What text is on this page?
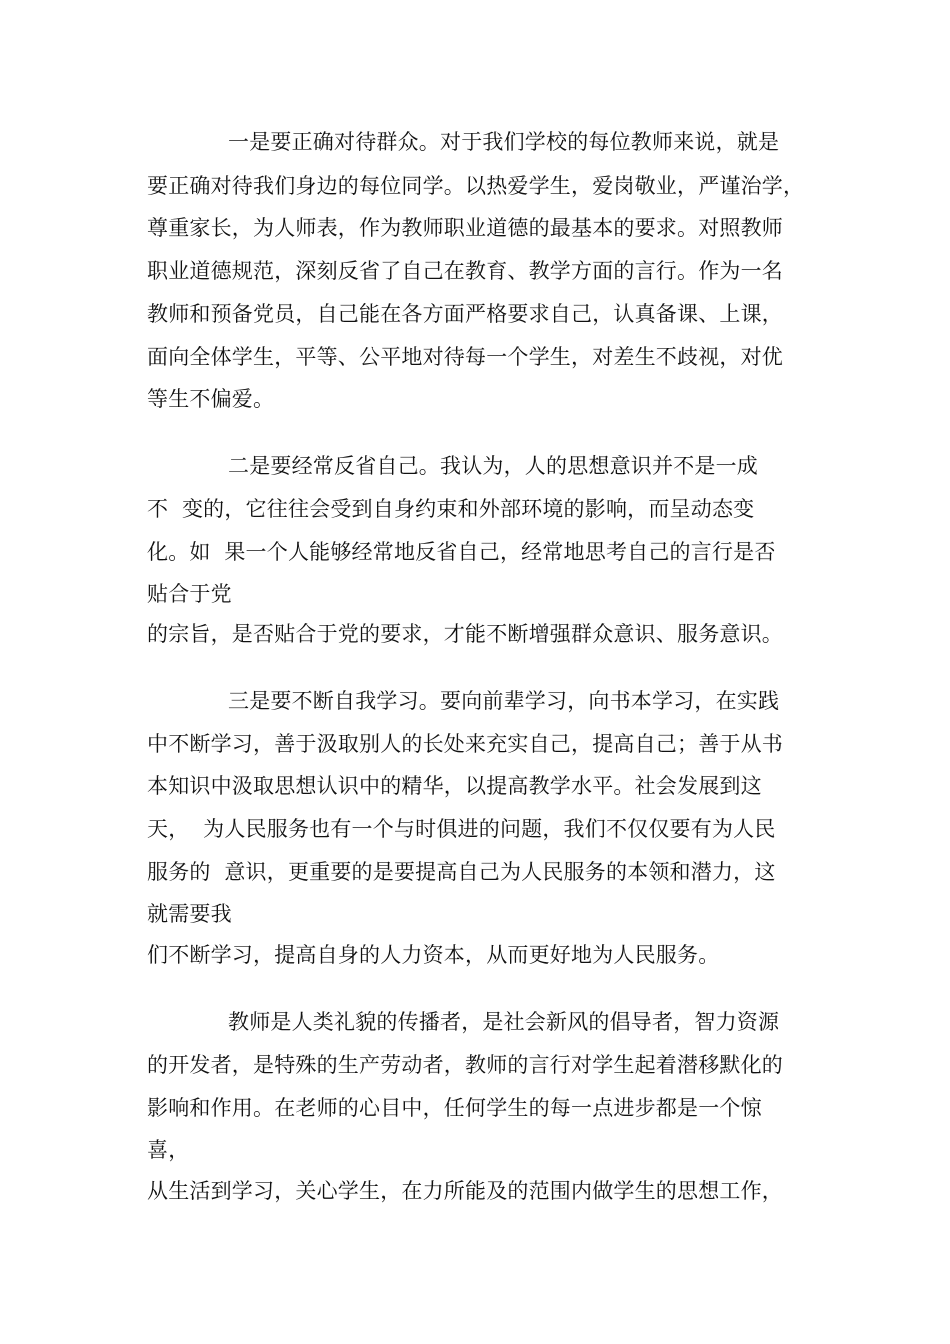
一是要正确对待群众。对于我们学校的每位教师来说，就是
要正确对待我们身边的每位同学。以热爱学生，爱岗敬业，严谨治学，
尊重家长，为人师表，作为教师职业道德的最基本的要求。对照教师
职业道德规范，深刻反省了自己在教育、教学方面的言行。作为一名
教师和预备党员，自己能在各方面严格要求自己，认真备课、上课，
面向全体学生，平等、公平地对待每一个学生，对差生不歧视，对优
等生不偏爱。
二是要经常反省自己。我认为，人的思想意识并不是一成
不  变的，它往往会受到自身约束和外部环境的影响，而呈动态变
化。如  果一个人能够经常地反省自己，经常地思考自己的言行是否
贴合于党
的宗旨，是否贴合于党的要求，才能不断增强群众意识、服务意识。
三是要不断自我学习。要向前辈学习，向书本学习，在实践
中不断学习，善于汲取别人的长处来充实自己，提高自己；善于从书
本知识中汲取思想认识中的精华，以提高教学水平。社会发展到这
天，  为人民服务也有一个与时俱进的问题，我们不仅仅要有为人民
服务的  意识，更重要的是要提高自己为人民服务的本领和潜力，这
就需要我
们不断学习，提高自身的人力资本，从而更好地为人民服务。
教师是人类礼貌的传播者，是社会新风的倡导者，智力资源
的开发者，是特殊的生产劳动者，教师的言行对学生起着潜移默化的
影响和作用。在老师的心目中，任何学生的每一点进步都是一个惊
喜，
从生活到学习，关心学生，在力所能及的范围内做学生的思想工作，
